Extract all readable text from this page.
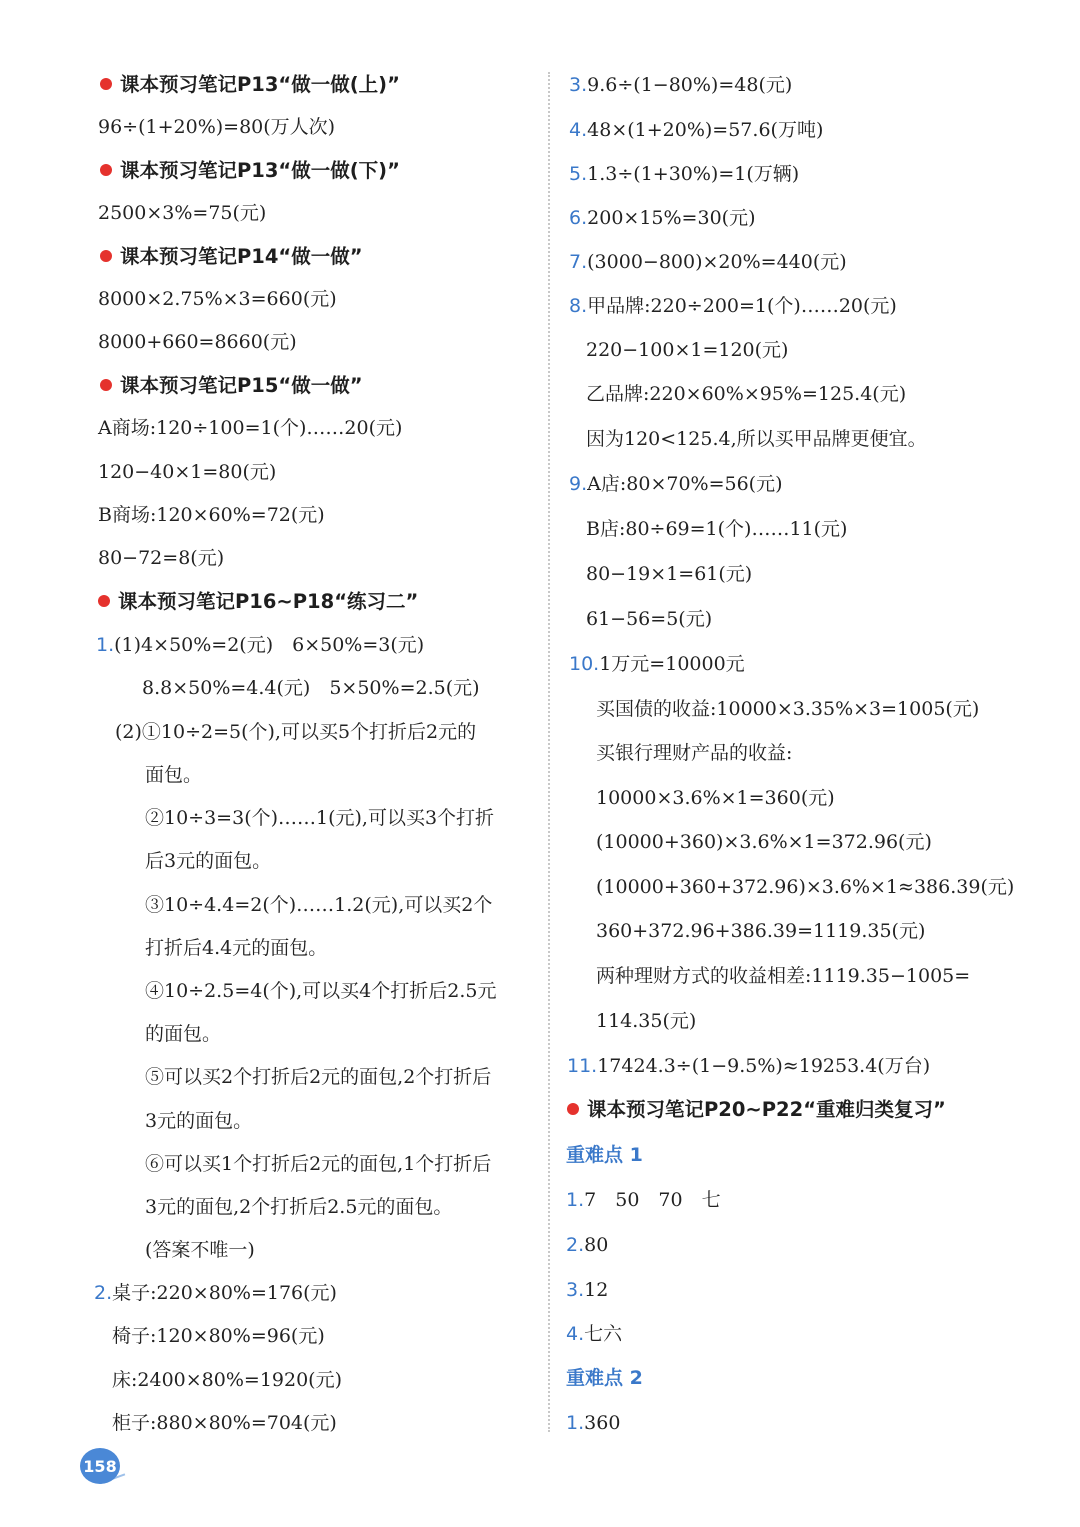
课本预习笔记P13“做一做(上)”
96÷(1+20%)=80(万人次)
课本预习笔记P13“做一做(下)”
2500×3%=75(元)
课本预习笔记P14“做一做”
8000×2.75%×3=660(元)
8000+660=8660(元)
课本预习笔记P15“做一做”
A商场:120÷100=1(个)……20(元)
120−40×1=80(元)
B商场:120×60%=72(元)
80−72=8(元)
课本预习笔记P16~P18“练习二”
1.(1)4×50%=2(元)　6×50%=3(元)
8.8×50%=4.4(元)　5×50%=2.5(元)
(2)①10÷2=5(个),可以买5个打折后2元的
面包。
②10÷3=3(个)……1(元),可以买3个打折
后3元的面包。
③10÷4.4=2(个)……1.2(元),可以买2个
打折后4.4元的面包。
④10÷2.5=4(个),可以买4个打折后2.5元
的面包。
⑤可以买2个打折后2元的面包,2个打折后
3元的面包。
⑥可以买1个打折后2元的面包,1个打折后
3元的面包,2个打折后2.5元的面包。
(答案不唯一)
2.桌子:220×80%=176(元)
椅子:120×80%=96(元)
床:2400×80%=1920(元)
柜子:880×80%=704(元)
3.9.6÷(1−80%)=48(元)
4.48×(1+20%)=57.6(万吨)
5.1.3÷(1+30%)=1(万辆)
6.200×15%=30(元)
7.(3000−800)×20%=440(元)
8.甲品牌:220÷200=1(个)……20(元)
220−100×1=120(元)
乙品牌:220×60%×95%=125.4(元)
因为120<125.4,所以买甲品牌更便宜。
9.A店:80×70%=56(元)
B店:80÷69=1(个)……11(元)
80−19×1=61(元)
61−56=5(元)
10.1万元=10000元
买国债的收益:10000×3.35%×3=1005(元)
买银行理财产品的收益:
10000×3.6%×1=360(元)
(10000+360)×3.6%×1=372.96(元)
(10000+360+372.96)×3.6%×1≈386.39(元)
360+372.96+386.39=1119.35(元)
两种理财方式的收益相差:1119.35−1005=
114.35(元)
11.17424.3÷(1−9.5%)≈19253.4(万台)
课本预习笔记P20~P22“重难归类复习”
重难点 1
1.7　50　70　七
2.80
3.12
4.七六
重难点 2
1.360
158
